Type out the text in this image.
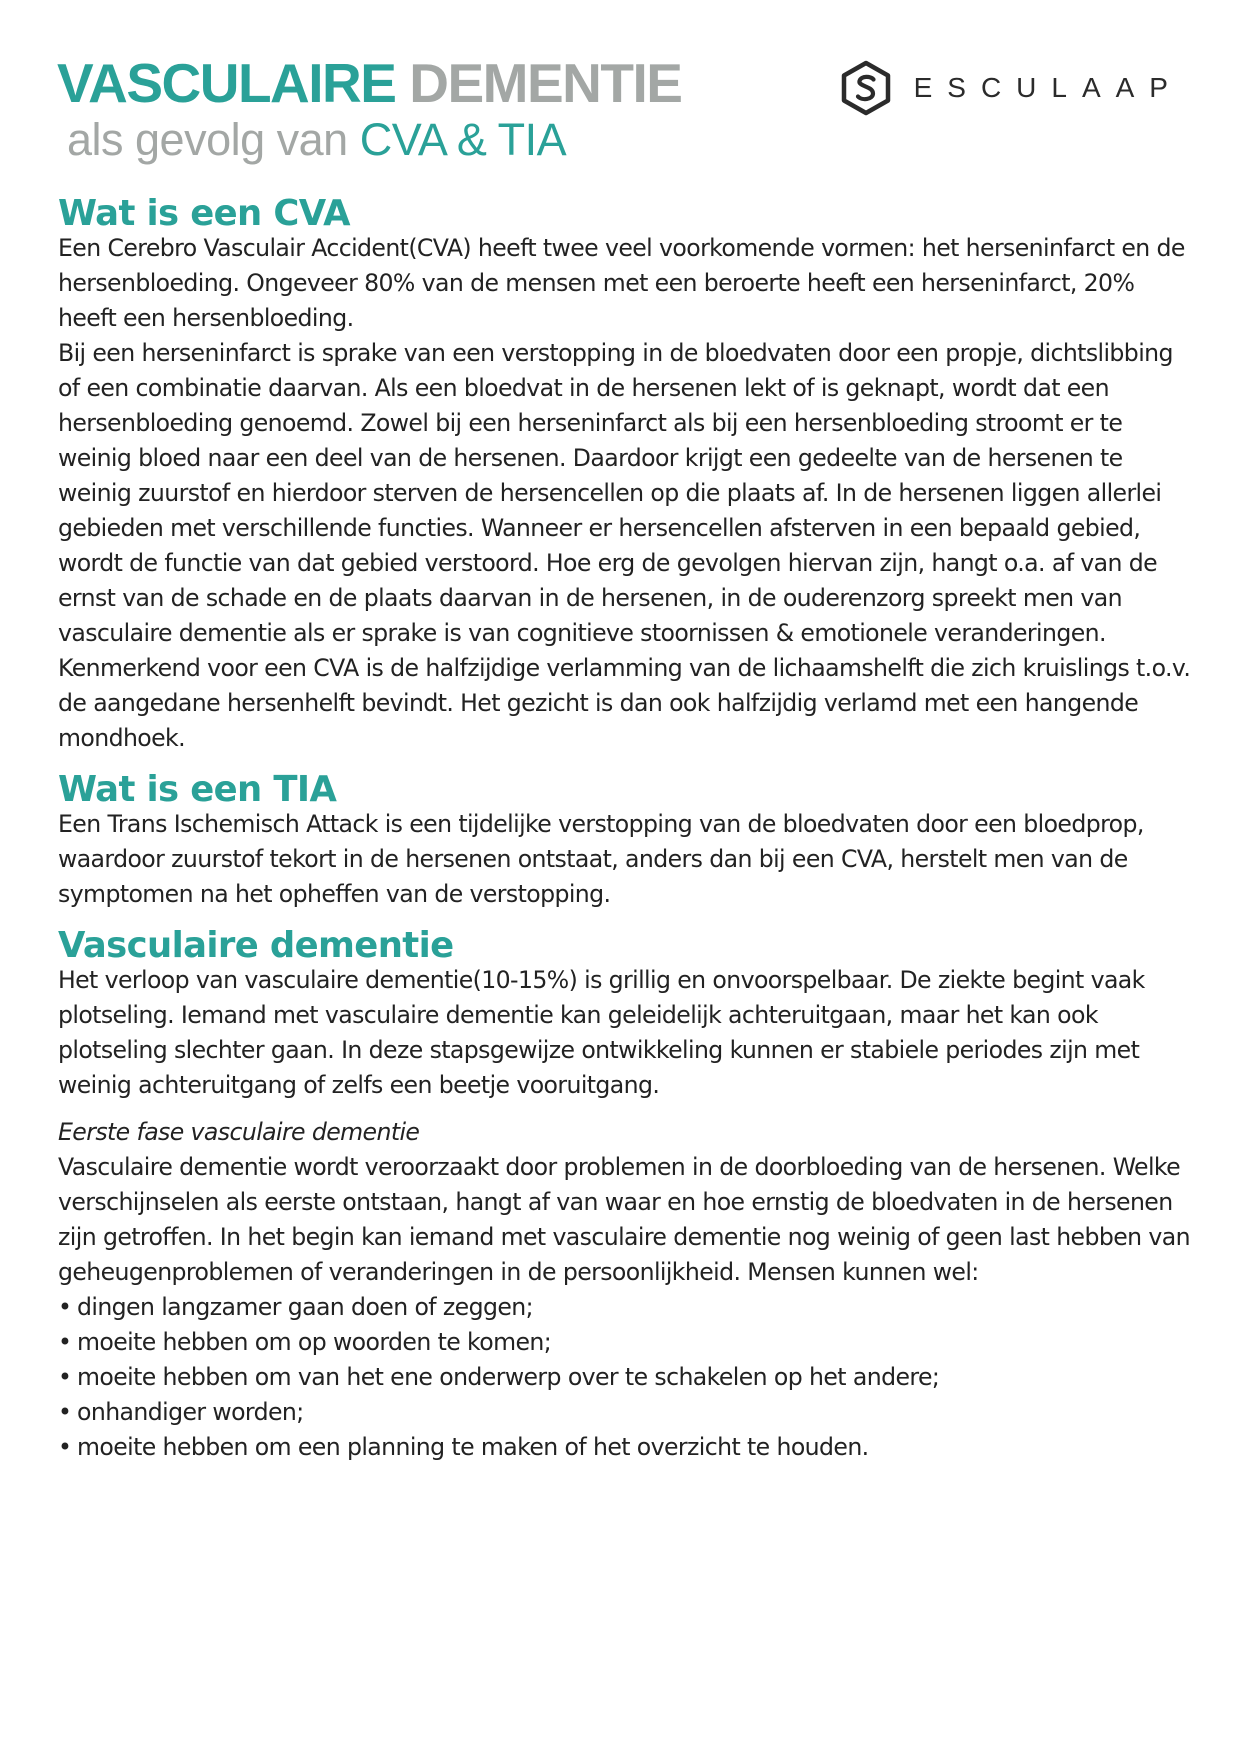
VASCULAIRE DEMENTIE
als gevolg van CVA & TIA
ESCULAAP
Wat is een CVA

Een Cerebro Vasculair Accident(CVA) heeft twee veel voorkomende vormen: het herseninfarct en de hersenbloeding. Ongeveer 80% van de mensen met een beroerte heeft een herseninfarct, 20% heeft een hersenbloeding.

Bij een herseninfarct is sprake van een verstopping in de bloedvaten door een propje, dichtslibbing of een combinatie daarvan. Als een bloedvat in de hersenen lekt of is geknapt, wordt dat een hersenbloeding genoemd. Zowel bij een herseninfarct als bij een hersenbloeding stroomt er te weinig bloed naar een deel van de hersenen. Daardoor krijgt een gedeelte van de hersenen te weinig zuurstof en hierdoor sterven de hersencellen op die plaats af. In de hersenen liggen allerlei gebieden met verschillende functies. Wanneer er hersencellen afsterven in een bepaald gebied, wordt de functie van dat gebied verstoord. Hoe erg de gevolgen hiervan zijn, hangt o.a. af van de ernst van de schade en de plaats daarvan in de hersenen, in de ouderenzorg spreekt men van vasculaire dementie als er sprake is van cognitieve stoornissen & emotionele veranderingen.

Kenmerkend voor een CVA is de halfzijdige verlamming van de lichaamshelft die zich kruislings t.o.v. de aangedane hersenhelft bevindt. Het gezicht is dan ook halfzijdig verlamd met een hangende mondhoek.

Wat is een TIA

Een Trans Ischemisch Attack is een tijdelijke verstopping van de bloedvaten door een bloedprop, waardoor zuurstof tekort in de hersenen ontstaat, anders dan bij een CVA, herstelt men van de symptomen na het opheffen van de verstopping.

Vasculaire dementie

Het verloop van vasculaire dementie(10-15%) is grillig en onvoorspelbaar. De ziekte begint vaak plotseling. Iemand met vasculaire dementie kan geleidelijk achteruitgaan, maar het kan ook plotseling slechter gaan. In deze stapsgewijze ontwikkeling kunnen er stabiele periodes zijn met weinig achteruitgang of zelfs een beetje vooruitgang.

Eerste fase vasculaire dementie

Vasculaire dementie wordt veroorzaakt door problemen in de doorbloeding van de hersenen. Welke verschijnselen als eerste ontstaan, hangt af van waar en hoe ernstig de bloedvaten in de hersenen zijn getroffen. In het begin kan iemand met vasculaire dementie nog weinig of geen last hebben van geheugenproblemen of veranderingen in de persoonlijkheid. Mensen kunnen wel:

• dingen langzamer gaan doen of zeggen;
• moeite hebben om op woorden te komen;
• moeite hebben om van het ene onderwerp over te schakelen op het andere;
• onhandiger worden;
• moeite hebben om een planning te maken of het overzicht te houden.
